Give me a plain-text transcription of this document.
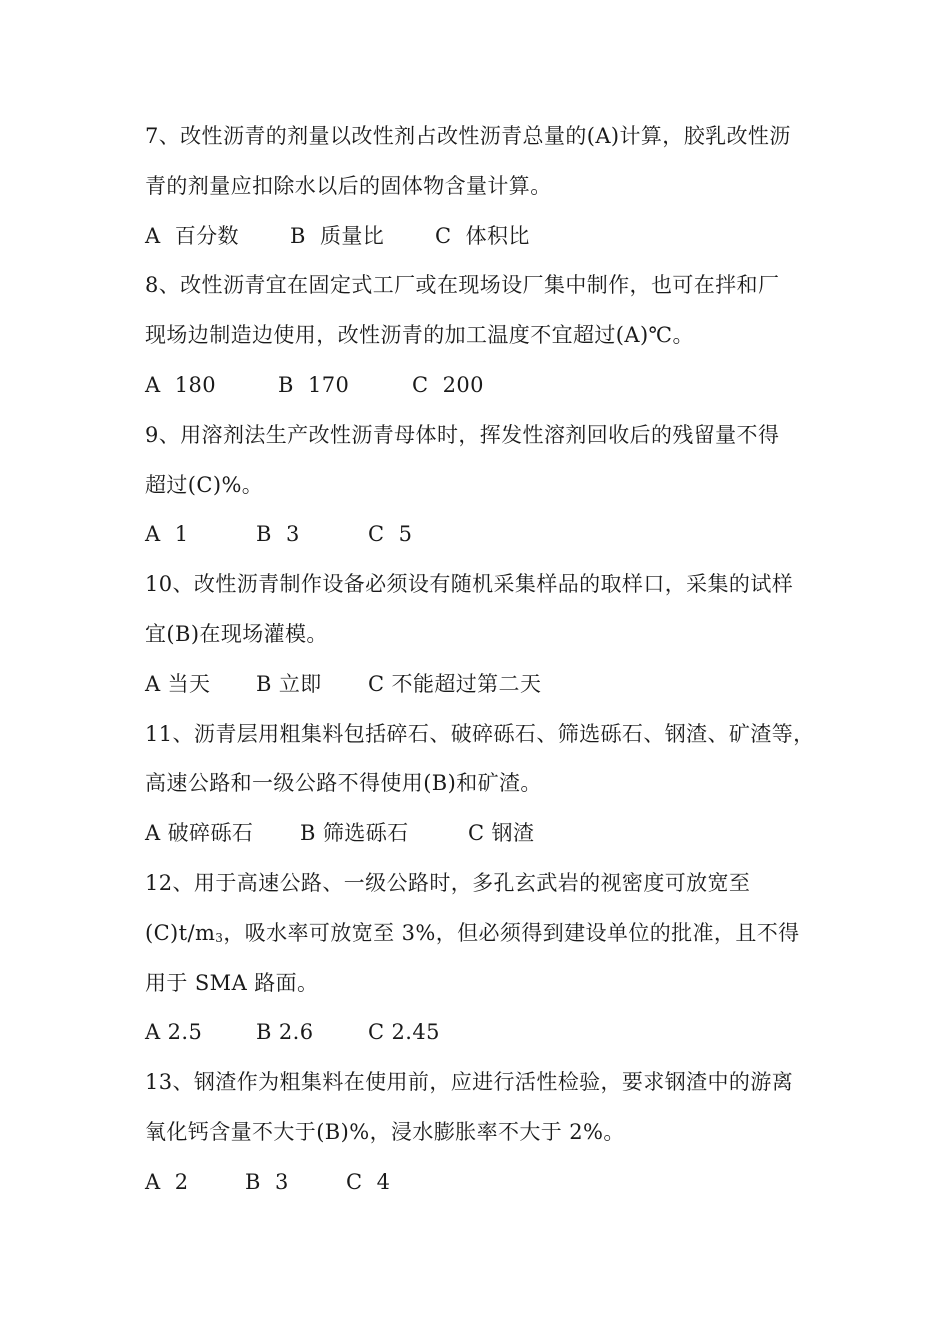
7、改性沥青的剂量以改性剂占改性沥青总量的(A)计算，胶乳改性沥
青的剂量应扣除水以后的固体物含量计算。
A  百分数 B  质量比 C  体积比
8、改性沥青宜在固定式工厂或在现场设厂集中制作，也可在拌和厂
现场边制造边使用，改性沥青的加工温度不宜超过(A)℃。
A  180	B  170	C  200
9、用溶剂法生产改性沥青母体时，挥发性溶剂回收后的残留量不得
超过(C)%。
A  1	B  3	C  5
10、改性沥青制作设备必须设有随机采集样品的取样口，采集的试样
宜(B)在现场灌模。
A 当天 B 立即 C 不能超过第二天
11、沥青层用粗集料包括碎石、破碎砾石、筛选砾石、钢渣、矿渣等，
高速公路和一级公路不得使用(B)和矿渣。
A 破碎砾石 B 筛选砾石	C 钢渣
12、用于高速公路、一级公路时，多孔玄武岩的视密度可放宽至
(C)t/m3，吸水率可放宽至 3%，但必须得到建设单位的批准，且不得
用于 SMA 路面。
A 2.5	B 2.6	C 2.45
13、钢渣作为粗集料在使用前，应进行活性检验，要求钢渣中的游离
氧化钙含量不大于(B)%，浸水膨胀率不大于 2%。
A  2	B  3	C  4
